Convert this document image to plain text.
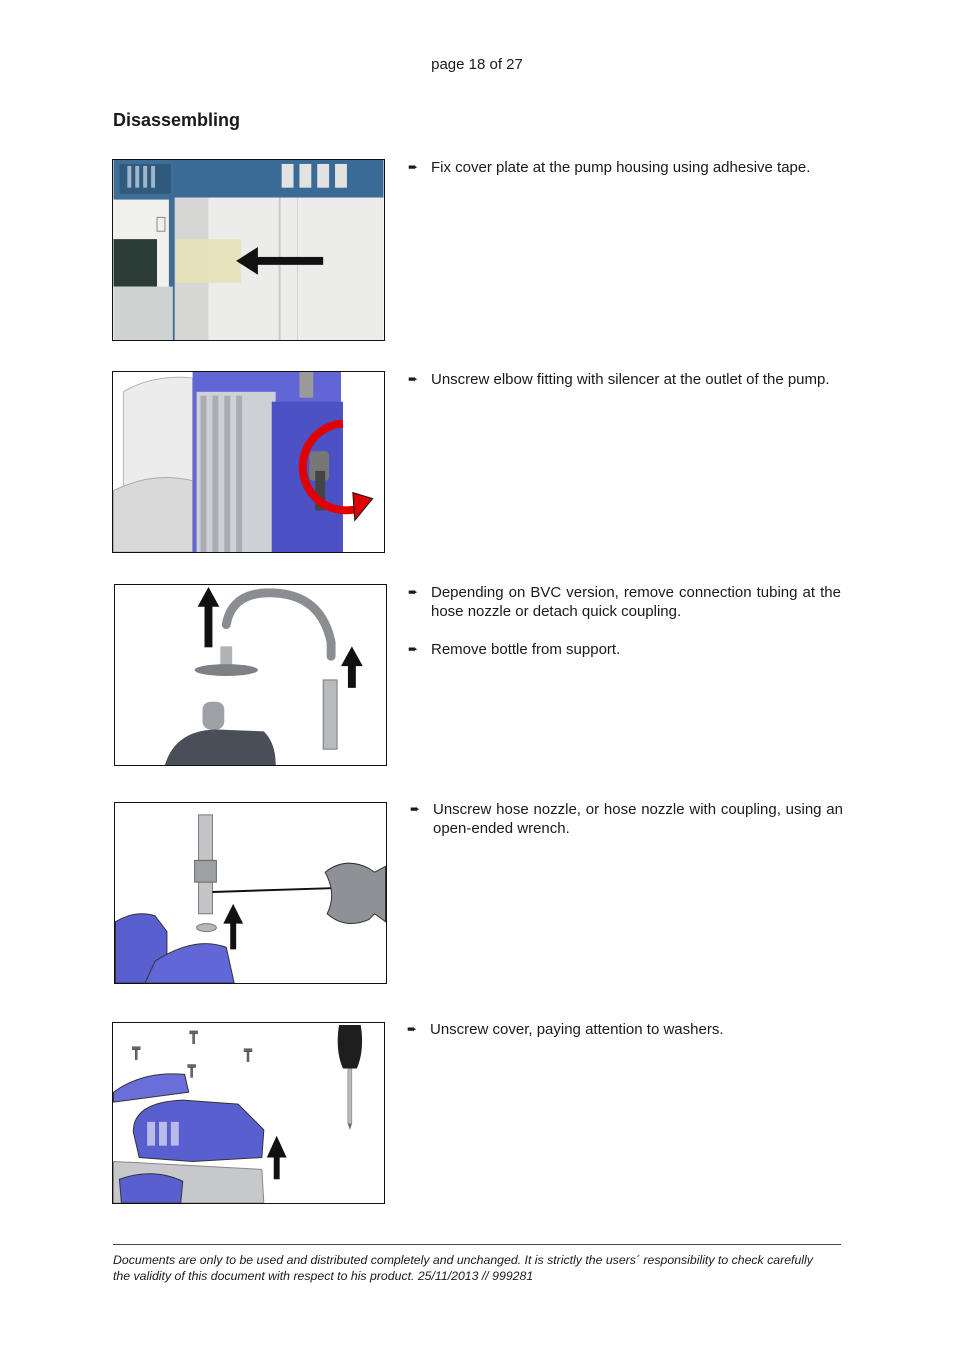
page 18 of 27
Disassembling
➨ Fix cover plate at the pump housing using adhesive tape.
➨ Unscrew elbow fitting with silencer at the outlet of the pump.
➨ Depending on BVC version, remove connection tubing at the hose nozzle or detach quick coupling.
➨ Remove bottle from support.
➨ Unscrew hose nozzle, or hose nozzle with coupling, using an open-ended wrench.
➨ Unscrew cover, paying attention to washers.

Documents are only to be used and distributed completely and unchanged. It is strictly the users´ responsibility to check carefully

the validity of this document with respect to his product. 25/11/2013 // 999281
